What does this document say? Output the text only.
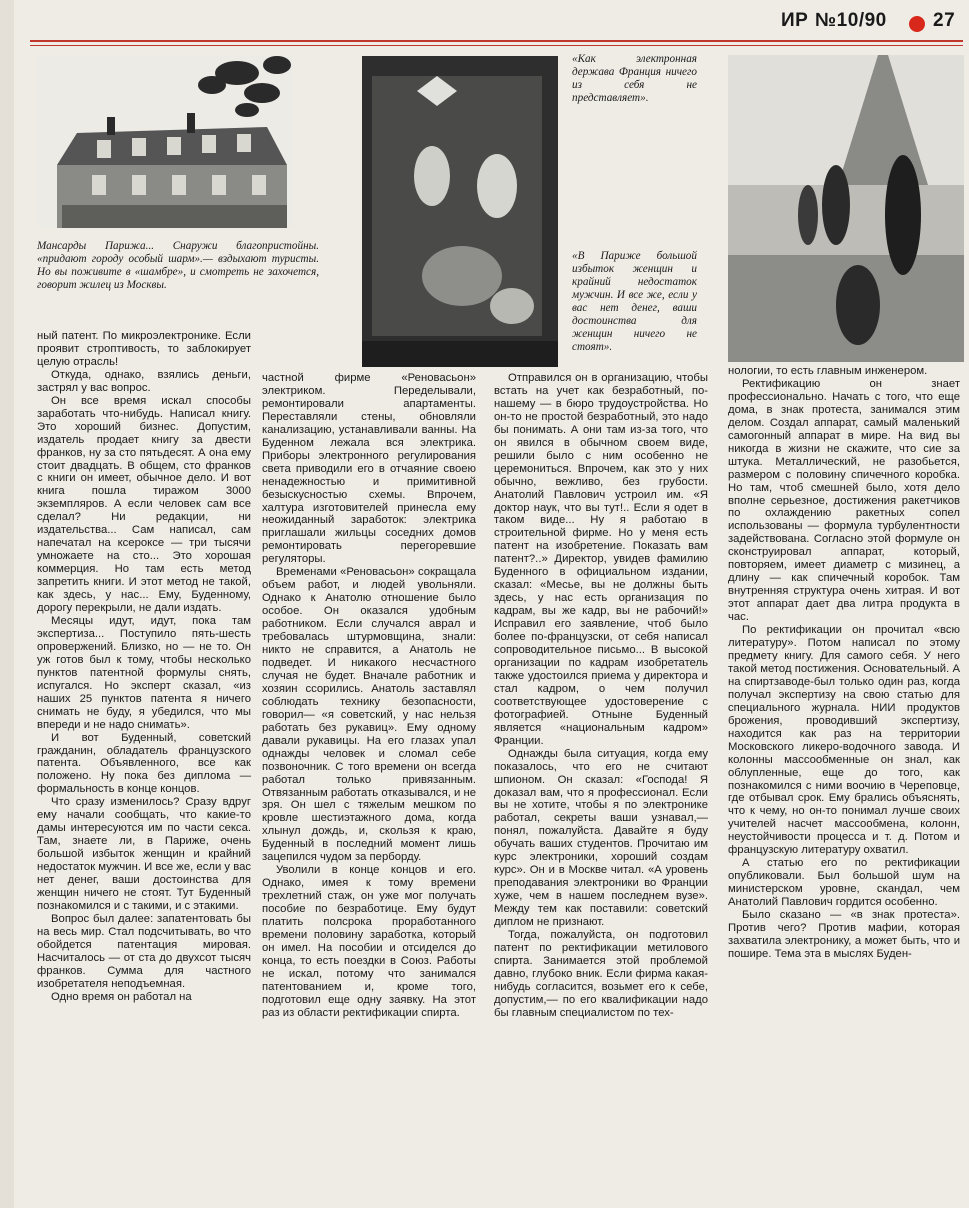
ИР №10/90 27
Мансарды Парижа... Снаружи благопристойны. «придают городу особый шарм».— вздыхают туристы. Но вы поживите в «шамбре», и смотреть не захочется, говорит жилец из Москвы.
«Как электронная держава Франция ничего из себя не представляет».
«В Париже большой избыток женщин и крайний недостаток мужчин. И все же, если у вас нет денег, ваши достоинства для женщин ничего не стоят».

ный патент. По микроэлектронике. Если проявит строптивость, то заблокирует целую отрасль!

Откуда, однако, взялись деньги, застрял у вас вопрос.

Он все время искал способы заработать что-нибудь. Написал книгу. Это хороший бизнес. Допустим, издатель продает книгу за двести франков, ну за сто пятьдесят. А она ему стоит двадцать. В общем, сто франков с книги он имеет, обычное дело. И вот книга пошла тиражом 3000 экземпляров. А если человек сам все сделал? Ни редакции, ни издательства... Сам написал, сам напечатал на ксероксе — три тысячи умножаете на сто... Это хорошая коммерция. Но там есть метод запретить книги. И этот метод не такой, как здесь, у нас... Ему, Буденному, дорогу перекрыли, не дали издать.

Месяцы идут, идут, пока там экспертиза... Поступило пять-шесть опровержений. Близко, но — не то. Он уж готов был к тому, чтобы несколько пунктов патентной формулы снять, испугался. Но эксперт сказал, «из наших 25 пунктов патента я ничего снимать не буду, я убедился, что мы впереди и не надо снимать».

И вот Буденный, советский гражданин, обладатель французского патента. Объявленного, все как положено. Ну пока без диплома — формальность в конце концов.

Что сразу изменилось? Сразу вдруг ему начали сообщать, что какие-то дамы интересуются им по части секса. Там, знаете ли, в Париже, очень большой избыток женщин и крайний недостаток мужчин. И все же, если у вас нет денег, ваши достоинства для женщин ничего не стоят. Тут Буденный познакомился и с такими, и с этакими.

Вопрос был далее: запатентовать бы на весь мир. Стал подсчитывать, во что обойдется патентация мировая. Насчиталось — от ста до двухсот тысяч франков. Сумма для частного изобретателя неподъемная.

Одно время он работал на

частной фирме «Реновасьон» электриком. Переделывали, ремонтировали апартаменты. Переставляли стены, обновляли канализацию, устанавливали ванны. На Буденном лежала вся электрика. Приборы электронного регулирования света приводили его в отчаяние своею ненадежностью и примитивной безыскусностью схемы. Впрочем, халтура изготовителей принесла ему неожиданный заработок: электрика приглашали жильцы соседних домов ремонтировать перегоревшие регуляторы.

Временами «Реновасьон» сокращала объем работ, и людей увольняли. Однако к Анатолю отношение было особое. Он оказался удобным работником. Если случался аврал и требовалась штурмовщина, знали: никто не справится, а Анатоль не подведет. И никакого несчастного случая не будет. Вначале работник и хозяин ссорились. Анатоль заставлял соблюдать технику безопасности, говорил— «я советский, у нас нельзя работать без рукавиц». Ему одному давали рукавицы. На его глазах упал однажды человек и сломал себе позвоночник. С того времени он всегда работал только привязанным. Отвязанным работать отказывался, и не зря. Он шел с тяжелым мешком по кровле шестиэтажного дома, когда хлынул дождь, и, скользя к краю, Буденный в последний момент лишь зацепился чудом за перборду.

Уволили в конце концов и его. Однако, имея к тому времени трехлетний стаж, он уже мог получать пособие по безработице. Ему будут платить полсрока проработанного времени половину заработка, который он имел. На пособии и отсиделся до конца, то есть поездки в Союз. Работы не искал, потому что занимался патентованием и, кроме того, подготовил еще одну заявку. На этот раз из области ректификации спирта.

Отправился он в организацию, чтобы встать на учет как безработный, по-нашему — в бюро трудоустройства. Но он-то не простой безработный, это надо бы понимать. А они там из-за того, что он явился в обычном своем виде, решили было с ним особенно не церемониться. Впрочем, как это у них обычно, вежливо, без грубости. Анатолий Павлович устроил им. «Я доктор наук, что вы тут!.. Если я одет в таком виде... Ну я работаю в строительной фирме. Но у меня есть патент на изобретение. Показать вам патент?..» Директор, увидев фамилию Буденного в официальном издании, сказал: «Месье, вы не должны быть здесь, у нас есть организация по кадрам, вы же кадр, вы не рабочий!» Исправил его заявление, чтоб было более по-французски, от себя написал сопроводительное письмо... В высокой организации по кадрам изобретатель также удостоился приема у директора и стал кадром, о чем получил соответствующее удостоверение с фотографией. Отныне Буденный является «национальным кадром» Франции.

Однажды была ситуация, когда ему показалось, что его не считают шпионом. Он сказал: «Господа! Я доказал вам, что я профессионал. Если вы не хотите, чтобы я по электронике работал, секреты ваши узнавал,— понял, пожалуйста. Давайте я буду обучать ваших студентов. Прочитаю им курс электроники, хороший создам курс». Он и в Москве читал. «А уровень преподавания электроники во Франции хуже, чем в нашем последнем вузе». Между тем как поставили: советский диплом не признают.

Тогда, пожалуйста, он подготовил патент по ректификации метилового спирта. Занимается этой проблемой давно, глубоко вник. Если фирма какая-нибудь согласится, возьмет его к себе, допустим,— по его квалификации надо бы главным специалистом по тех-

нологии, то есть главным инженером.

Ректификацию он знает профессионально. Начать с того, что еще дома, в знак протеста, занимался этим делом. Создал аппарат, самый маленький самогонный аппарат в мире. На вид вы никогда в жизни не скажите, что сие за штука. Металлический, не разобьется, размером с половину спичечного коробка. Но там, чтоб смешней было, хотя дело вполне серьезное, достижения ракетчиков по охлаждению ракетных сопел использованы — формула турбулентности задействована. Согласно этой формуле он сконструировал аппарат, который, повторяем, имеет диаметр с мизинец, а длину — как спичечный коробок. Там внутренняя структура очень хитрая. И вот этот аппарат дает два литра продукта в час.

По ректификации он прочитал «всю литературу». Потом написал по этому предмету книгу. Для самого себя. У него такой метод постижения. Основательный. А на спиртзаводе-был только один раз, когда получал экспертизу на свою статью для специального журнала. НИИ продуктов брожения, проводивший экспертизу, находится как раз на территории Московского ликеро-водочного завода. И колонны массообменные он знал, как облупленные, еще до того, как познакомился с ними воочию в Череповце, где отбывал срок. Ему брались объяснять, что к чему, но он-то понимал лучше своих учителей насчет массообмена, колонн, неустойчивости процесса и т. д. Потом и французскую литературу охватил.

А статью его по ректификации опубликовали. Был большой шум на министерском уровне, скандал, чем Анатолий Павлович гордится особенно.

Было сказано — «в знак протеста». Против чего? Против мафии, которая захватила электронику, а может быть, что и поширe. Тема эта в мыслях Буден-
